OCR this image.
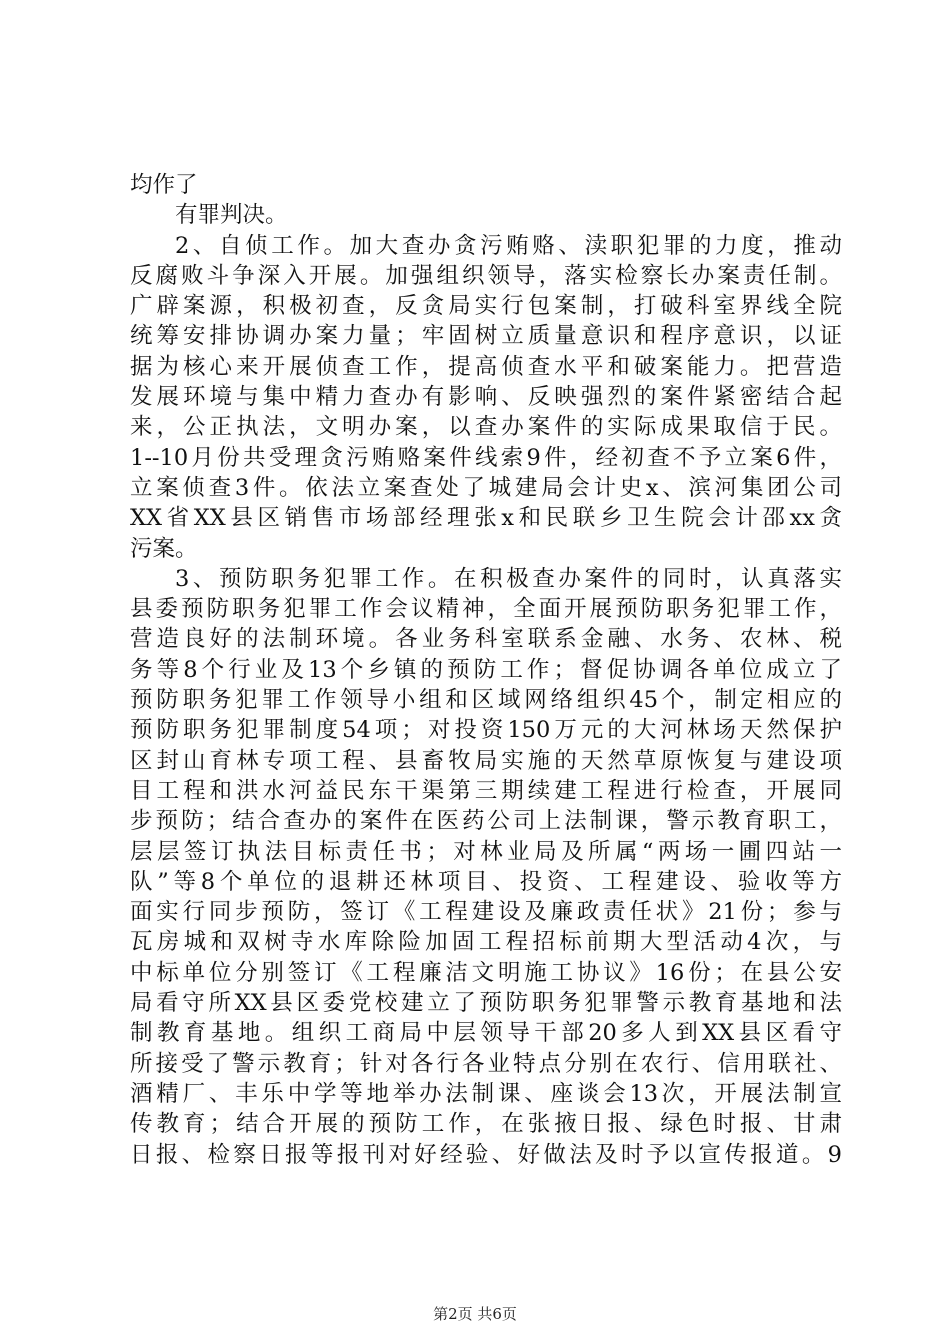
均作了
有罪判决。
2、自侦工作。加大查办贪污贿赂、渎职犯罪的力度，推动
反腐败斗争深入开展。加强组织领导，落实检察长办案责任制。
广辟案源，积极初查，反贪局实行包案制，打破科室界线全院
统筹安排协调办案力量；牢固树立质量意识和程序意识，以证
据为核心来开展侦查工作，提高侦查水平和破案能力。把营造
发展环境与集中精力查办有影响、反映强烈的案件紧密结合起
来，公正执法，文明办案，以查办案件的实际成果取信于民。
1--10月份共受理贪污贿赂案件线索9件，经初查不予立案6件，
立案侦查3件。依法立案查处了城建局会计史x、滨河集团公司
XX省XX县区销售市场部经理张x和民联乡卫生院会计邵xx贪
污案。
3、预防职务犯罪工作。在积极查办案件的同时，认真落实
县委预防职务犯罪工作会议精神，全面开展预防职务犯罪工作，
营造良好的法制环境。各业务科室联系金融、水务、农林、税
务等8个行业及13个乡镇的预防工作；督促协调各单位成立了
预防职务犯罪工作领导小组和区域网络组织45个，制定相应的
预防职务犯罪制度54项；对投资150万元的大河林场天然保护
区封山育林专项工程、县畜牧局实施的天然草原恢复与建设项
目工程和洪水河益民东干渠第三期续建工程进行检查，开展同
步预防；结合查办的案件在医药公司上法制课，警示教育职工，
层层签订执法目标责任书；对林业局及所属“两场一圃四站一
队”等8个单位的退耕还林项目、投资、工程建设、验收等方
面实行同步预防，签订《工程建设及廉政责任状》21份；参与
瓦房城和双树寺水库除险加固工程招标前期大型活动4次，与
中标单位分别签订《工程廉洁文明施工协议》16份；在县公安
局看守所XX县区委党校建立了预防职务犯罪警示教育基地和法
制教育基地。组织工商局中层领导干部20多人到XX县区看守
所接受了警示教育；针对各行各业特点分别在农行、信用联社、
酒精厂、丰乐中学等地举办法制课、座谈会13次，开展法制宣
传教育；结合开展的预防工作，在张掖日报、绿色时报、甘肃
日报、检察日报等报刊对好经验、好做法及时予以宣传报道。9
第2页 共6页
